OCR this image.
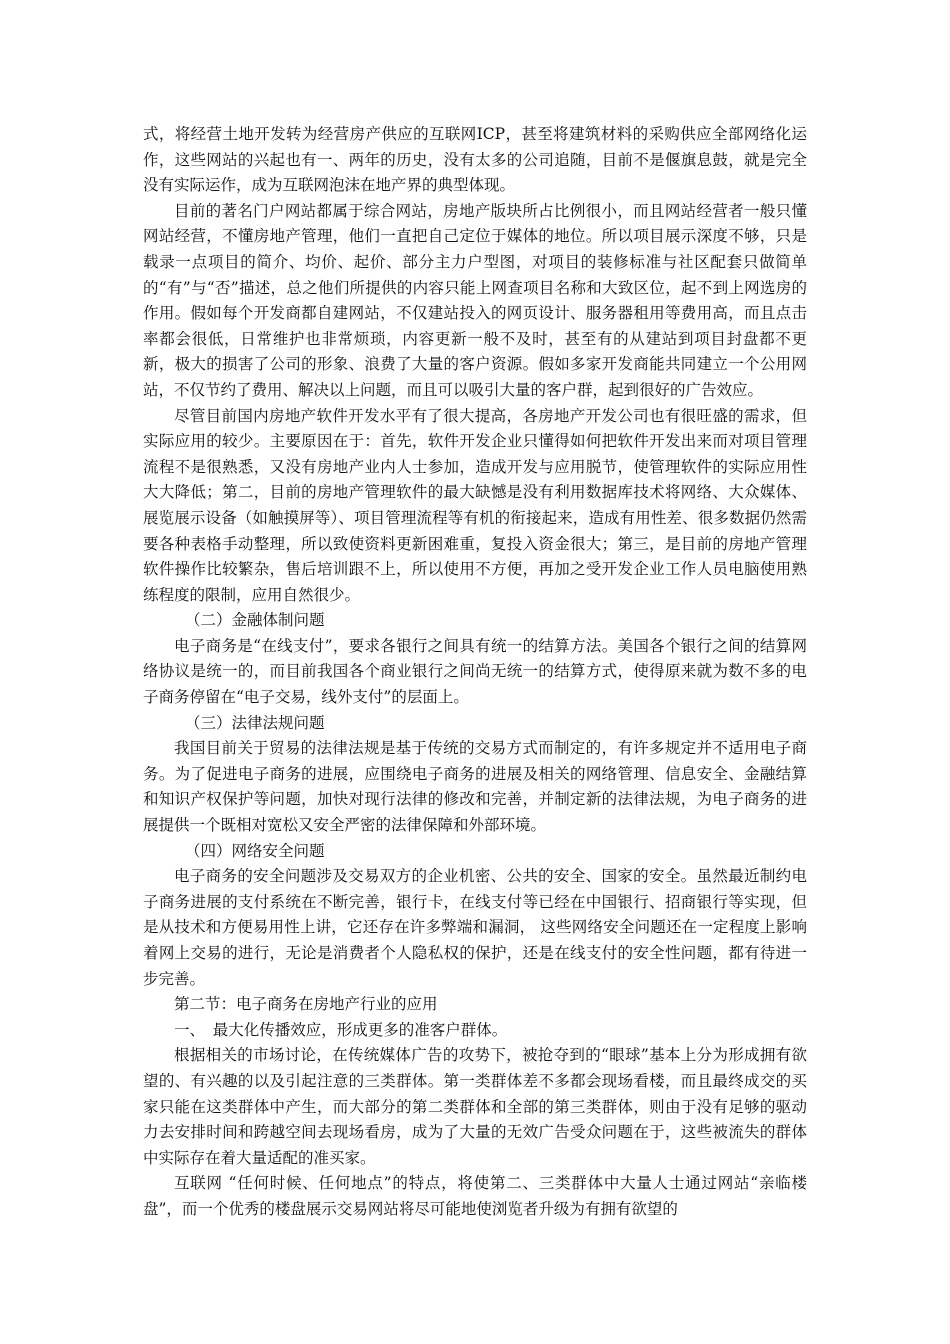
式，将经营土地开发转为经营房产供应的互联网ICP，甚至将建筑材料的采购供应全部网络化运作，这些网站的兴起也有一、两年的历史，没有太多的公司追随，目前不是偃旗息鼓，就是完全没有实际运作，成为互联网泡沫在地产界的典型体现。

目前的著名门户网站都属于综合网站，房地产版块所占比例很小，而且网站经营者一般只懂网站经营，不懂房地产管理，他们一直把自己定位于媒体的地位。所以项目展示深度不够，只是载录一点项目的简介、均价、起价、部分主力户型图，对项目的装修标准与社区配套只做简单的“有”与“否”描述，总之他们所提供的内容只能上网查项目名称和大致区位，起不到上网选房的作用。假如每个开发商都自建网站，不仅建站投入的网页设计、服务器租用等费用高，而且点击率都会很低，日常维护也非常烦琐，内容更新一般不及时，甚至有的从建站到项目封盘都不更新，极大的损害了公司的形象、浪费了大量的客户资源。假如多家开发商能共同建立一个公用网站，不仅节约了费用、解决以上问题，而且可以吸引大量的客户群，起到很好的广告效应。

尽管目前国内房地产软件开发水平有了很大提高，各房地产开发公司也有很旺盛的需求，但实际应用的较少。主要原因在于：首先，软件开发企业只懂得如何把软件开发出来而对项目管理流程不是很熟悉，又没有房地产业内人士参加，造成开发与应用脱节，使管理软件的实际应用性大大降低；第二，目前的房地产管理软件的最大缺憾是没有利用数据库技术将网络、大众媒体、展览展示设备（如触摸屏等）、项目管理流程等有机的衔接起来，造成有用性差、很多数据仍然需要各种表格手动整理，所以致使资料更新困难重，复投入资金很大；第三，是目前的房地产管理软件操作比较繁杂，售后培训跟不上，所以使用不方便，再加之受开发企业工作人员电脑使用熟练程度的限制，应用自然很少。

（二）金融体制问题

电子商务是“在线支付”，要求各银行之间具有统一的结算方法。美国各个银行之间的结算网络协议是统一的，而目前我国各个商业银行之间尚无统一的结算方式，使得原来就为数不多的电子商务停留在“电子交易，线外支付”的层面上。

（三）法律法规问题

我国目前关于贸易的法律法规是基于传统的交易方式而制定的，有许多规定并不适用电子商务。为了促进电子商务的进展，应围绕电子商务的进展及相关的网络管理、信息安全、金融结算和知识产权保护等问题，加快对现行法律的修改和完善，并制定新的法律法规，为电子商务的进展提供一个既相对宽松又安全严密的法律保障和外部环境。

（四）网络安全问题

电子商务的安全问题涉及交易双方的企业机密、公共的安全、国家的安全。虽然最近制约电子商务进展的支付系统在不断完善，银行卡，在线支付等已经在中国银行、招商银行等实现，但是从技术和方便易用性上讲，它还存在许多弊端和漏洞， 这些网络安全问题还在一定程度上影响着网上交易的进行，无论是消费者个人隐私权的保护，还是在线支付的安全性问题，都有待进一步完善。

第二节：电子商务在房地产行业的应用

一、　最大化传播效应，形成更多的准客户群体。

根据相关的市场讨论，在传统媒体广告的攻势下，被抢夺到的“眼球”基本上分为形成拥有欲望的、有兴趣的以及引起注意的三类群体。第一类群体差不多都会现场看楼，而且最终成交的买家只能在这类群体中产生，而大部分的第二类群体和全部的第三类群体，则由于没有足够的驱动力去安排时间和跨越空间去现场看房，成为了大量的无效广告受众问题在于，这些被流失的群体中实际存在着大量适配的准买家。

互联网 “任何时候、任何地点”的特点，将使第二、三类群体中大量人士通过网站“亲临楼盘”，而一个优秀的楼盘展示交易网站将尽可能地使浏览者升级为有拥有欲望的
